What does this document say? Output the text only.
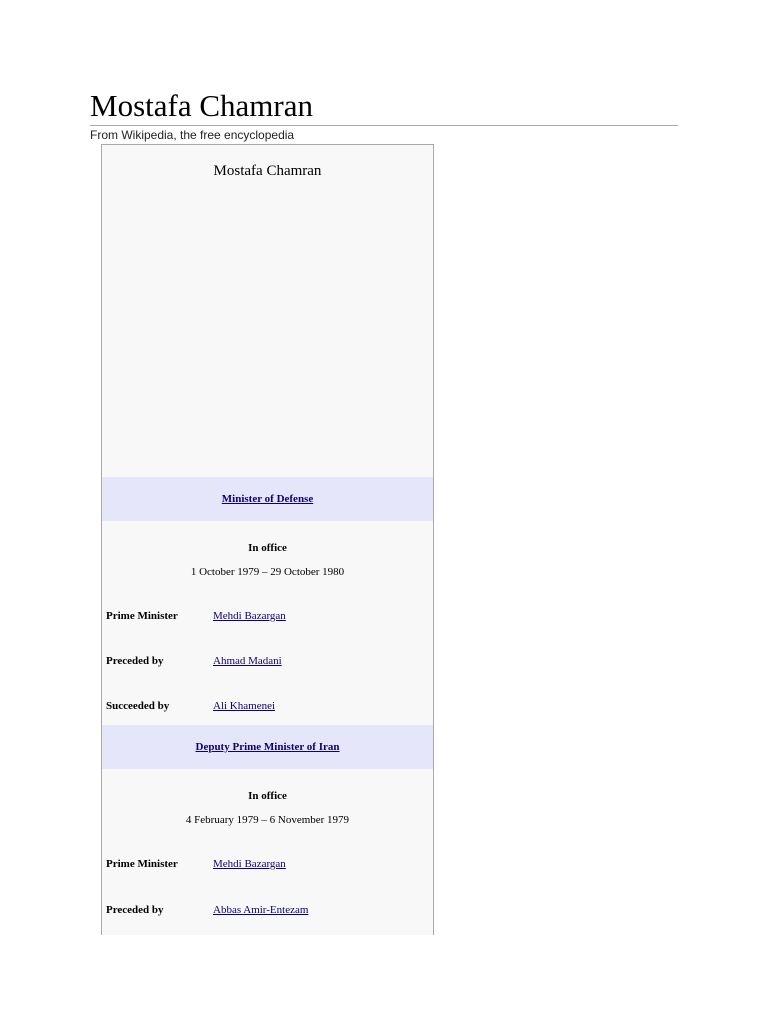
Mostafa Chamran
From Wikipedia, the free encyclopedia
Mostafa Chamran
Minister of Defense
In office
1 October 1979 – 29 October 1980
Prime Minister	Mehdi Bazargan
Preceded by	Ahmad Madani
Succeeded by	Ali Khamenei
Deputy Prime Minister of Iran
In office
4 February 1979 – 6 November 1979
Prime Minister	Mehdi Bazargan
Preceded by	Abbas Amir-Entezam
